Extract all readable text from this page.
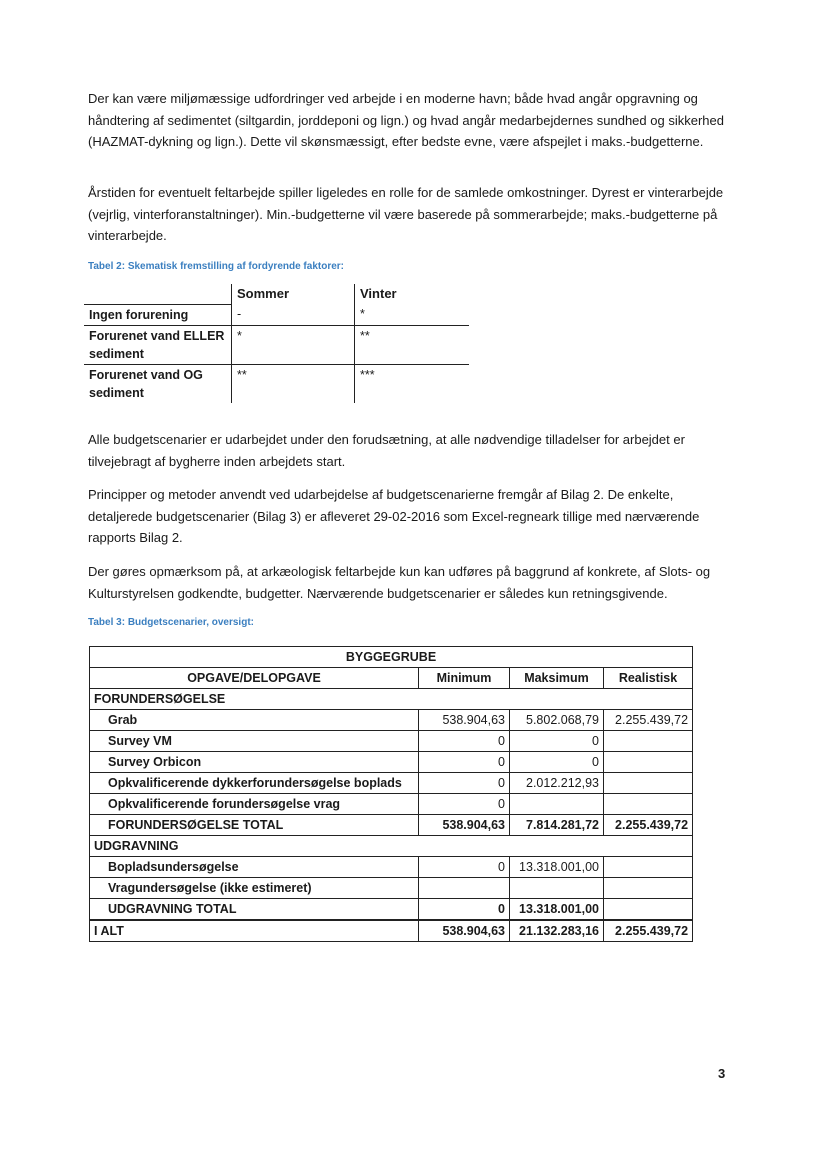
Der kan være miljømæssige udfordringer ved arbejde i en moderne havn; både hvad angår opgravning og håndtering af sedimentet (siltgardin, jorddeponi og lign.) og hvad angår medarbejdernes sundhed og sikkerhed (HAZMAT-dykning og lign.). Dette vil skønsmæssigt, efter bedste evne, være afspejlet i maks.-budgetterne.

Årstiden for eventuelt feltarbejde spiller ligeledes en rolle for de samlede omkostninger. Dyrest er vinterarbejde (vejrlig, vinterforanstaltninger). Min.-budgetterne vil være baserede på sommerarbejde; maks.-budgetterne på vinterarbejde.

Tabel 2: Skematisk fremstilling af fordyrende faktorer:

	Sommer	Vinter
Ingen forurening	-	*
Forurenet vand ELLER sediment	*	**
Forurenet vand OG sediment	**	***

Alle budgetscenarier er udarbejdet under den forudsætning, at alle nødvendige tilladelser for arbejdet er tilvejebragt af bygherre inden arbejdets start.

Principper og metoder anvendt ved udarbejdelse af budgetscenarierne fremgår af Bilag 2. De enkelte, detaljerede budgetscenarier (Bilag 3) er afleveret 29-02-2016 som Excel-regneark tillige med nærværende rapports Bilag 2.

Der gøres opmærksom på, at arkæologisk feltarbejde kun kan udføres på baggrund af konkrete, af Slots- og Kulturstyrelsen godkendte, budgetter. Nærværende budgetscenarier er således kun retningsgivende.

Tabel 3: Budgetscenarier, oversigt:

BYGGEGRUBE			
OPGAVE/DELOPGAVE	Minimum	Maksimum	Realistisk
FORUNDERSØGELSE			
Grab	538.904,63	5.802.068,79	2.255.439,72
Survey VM	0	0	
Survey Orbicon	0	0	
Opkvalificerende dykkerforundersøgelse boplads	0	2.012.212,93	
Opkvalificerende forundersøgelse vrag	0		
FORUNDERSØGELSE TOTAL	538.904,63	7.814.281,72	2.255.439,72
UDGRAVNING			
Bopladsundersøgelse	0	13.318.001,00	
Vragundersøgelse (ikke estimeret)			
UDGRAVNING TOTAL	0	13.318.001,00	
I ALT	538.904,63	21.132.283,16	2.255.439,72
3
